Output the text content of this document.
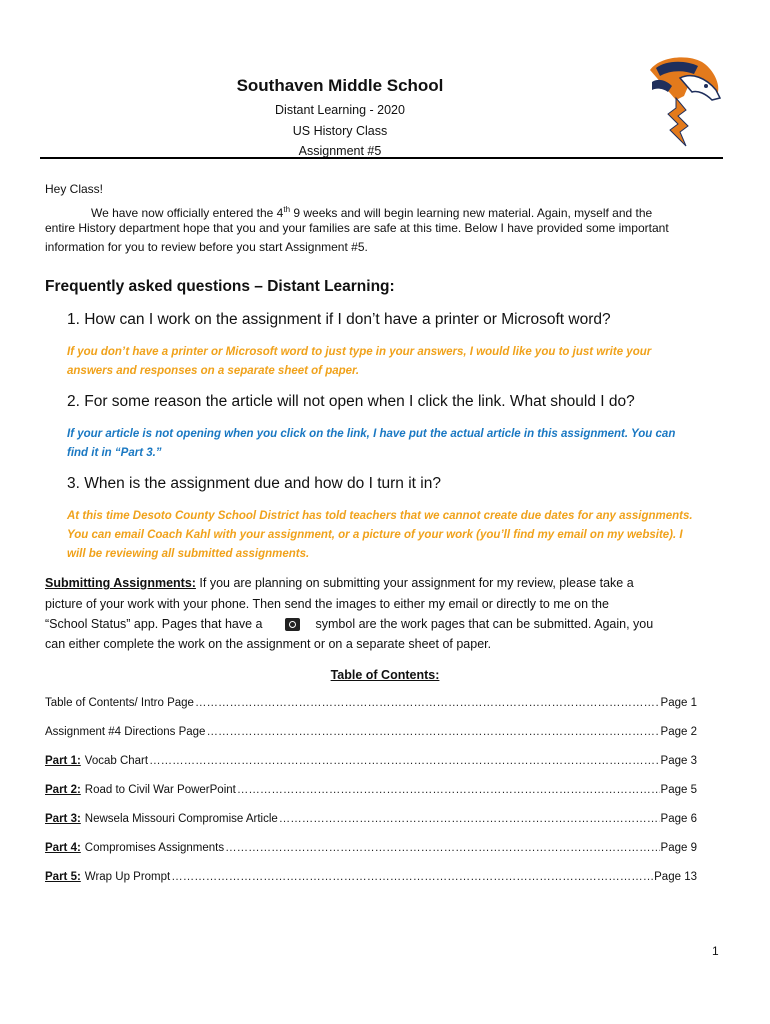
Southaven Middle School
Distant Learning - 2020
US History Class
Assignment #5
Hey Class!
We have now officially entered the 4th 9 weeks and will begin learning new material. Again, myself and the
entire History department hope that you and your families are safe at this time. Below I have provided some important
information for you to review before you start Assignment #5.
Frequently asked questions – Distant Learning:
1. How can I work on the assignment if I don’t have a printer or Microsoft word?
If you don’t have a printer or Microsoft word to just type in your answers, I would like you to just write your
answers and responses on a separate sheet of paper.
2. For some reason the article will not open when I click the link. What should I do?
If your article is not opening when you click on the link, I have put the actual article in this assignment. You can
find it in “Part 3.”
3. When is the assignment due and how do I turn it in?
At this time Desoto County School District has told teachers that we cannot create due dates for any assignments.
You can email Coach Kahl with your assignment, or a picture of your work (you’ll find my email on my website). I
will be reviewing all submitted assignments.
Submitting Assignments: If you are planning on submitting your assignment for my review, please take a
picture of your work with your phone. Then send the images to either my email or directly to me on the
“School Status” app. Pages that have a	symbol are the work pages that can be submitted. Again, you
can either complete the work on the assignment or on a separate sheet of paper.
Table of Contents:
Table of Contents/ Intro Page ………………………………………………………………………………………………………………………………………………………………………………………………………………………	Page 1
Assignment #4 Directions Page ………………………………………………………………………………………………………………………………………………………………………………………………………………………	Page 2
Part 1: Vocab Chart ………………………………………………………………………………………………………………………………………………………………………………………………………………………	Page 3
Part 2: Road to Civil War PowerPoint ………………………………………………………………………………………………………………………………………………………………………………………………………………………	Page 5
Part 3: Newsela Missouri Compromise Article ………………………………………………………………………………………………………………………………………………………………………………………………………………………	Page 6
Part 4: Compromises Assignments ………………………………………………………………………………………………………………………………………………………………………………………………………………………	Page 9
Part 5: Wrap Up Prompt ………………………………………………………………………………………………………………………………………………………………………………………………………………………	Page 13
1
